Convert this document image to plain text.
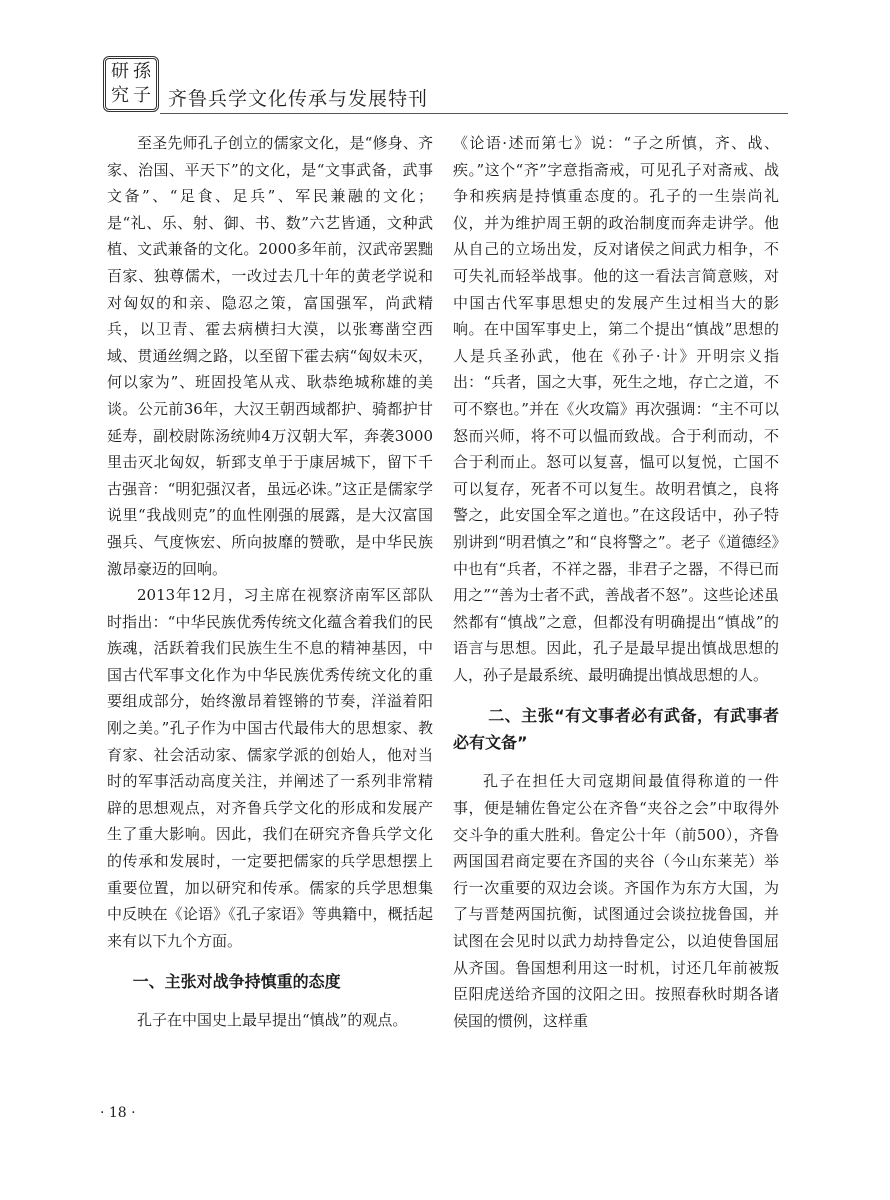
研 孫
究 子 齐鲁兵学文化传承与发展特刊

至圣先师孔子创立的儒家文化，是“修身、齐家、治国、平天下”的文化，是“文事武备，武事文备”、“足食、足兵”、军民兼融的文化；是“礼、乐、射、御、书、数”六艺皆通，文种武植、文武兼备的文化。2000多年前，汉武帝罢黜百家、独尊儒术，一改过去几十年的黄老学说和对匈奴的和亲、隐忍之策，富国强军，尚武精兵，以卫青、霍去病横扫大漠，以张骞凿空西域、贯通丝绸之路，以至留下霍去病“匈奴未灭，何以家为”、班固投笔从戎、耿恭绝城称雄的美谈。公元前36年，大汉王朝西域都护、骑都护甘延寿，副校尉陈汤统帅4万汉朝大军，奔袭3000里击灭北匈奴，斩郅支单于于康居城下，留下千古强音：“明犯强汉者，虽远必诛。”这正是儒家学说里“我战则克”的血性刚强的展露，是大汉富国强兵、气度恢宏、所向披靡的赞歌，是中华民族激昂豪迈的回响。

2013年12月，习主席在视察济南军区部队时指出：“中华民族优秀传统文化蕴含着我们的民族魂，活跃着我们民族生生不息的精神基因，中国古代军事文化作为中华民族优秀传统文化的重要组成部分，始终激昂着铿锵的节奏，洋溢着阳刚之美。”孔子作为中国古代最伟大的思想家、教育家、社会活动家、儒家学派的创始人，他对当时的军事活动高度关注，并阐述了一系列非常精辟的思想观点，对齐鲁兵学文化的形成和发展产生了重大影响。因此，我们在研究齐鲁兵学文化的传承和发展时，一定要把儒家的兵学思想摆上重要位置，加以研究和传承。儒家的兵学思想集中反映在《论语》《孔子家语》等典籍中，概括起来有以下九个方面。

一、主张对战争持慎重的态度

孔子在中国史上最早提出“慎战”的观点。

《论语·述而第七》说：“子之所慎，齐、战、疾。”这个“齐”字意指斋戒，可见孔子对斋戒、战争和疾病是持慎重态度的。孔子的一生崇尚礼仪，并为维护周王朝的政治制度而奔走讲学。他从自己的立场出发，反对诸侯之间武力相争，不可失礼而轻举战事。他的这一看法言简意赅，对中国古代军事思想史的发展产生过相当大的影响。在中国军事史上，第二个提出“慎战”思想的人是兵圣孙武，他在《孙子·计》开明宗义指出：“兵者，国之大事，死生之地，存亡之道，不可不察也。”并在《火攻篇》再次强调：“主不可以怒而兴师，将不可以愠而致战。合于利而动，不合于利而止。怒可以复喜，愠可以复悦，亡国不可以复存，死者不可以复生。故明君慎之，良将警之，此安国全军之道也。”在这段话中，孙子特别讲到“明君慎之”和“良将警之”。老子《道德经》中也有“兵者，不祥之器，非君子之器，不得已而用之”“善为士者不武，善战者不怒”。这些论述虽然都有“慎战”之意，但都没有明确提出“慎战”的语言与思想。因此，孔子是最早提出慎战思想的人，孙子是最系统、最明确提出慎战思想的人。

二、主张“有文事者必有武备，有武事者必有文备”

孔子在担任大司寇期间最值得称道的一件事，便是辅佐鲁定公在齐鲁“夹谷之会”中取得外交斗争的重大胜利。鲁定公十年（前500），齐鲁两国国君商定要在齐国的夹谷（今山东莱芜）举行一次重要的双边会谈。齐国作为东方大国，为了与晋楚两国抗衡，试图通过会谈拉拢鲁国，并试图在会见时以武力劫持鲁定公，以迫使鲁国屈从齐国。鲁国想利用这一时机，讨还几年前被叛臣阳虎送给齐国的汶阳之田。按照春秋时期各诸侯国的惯例，这样重

· 18 ·
